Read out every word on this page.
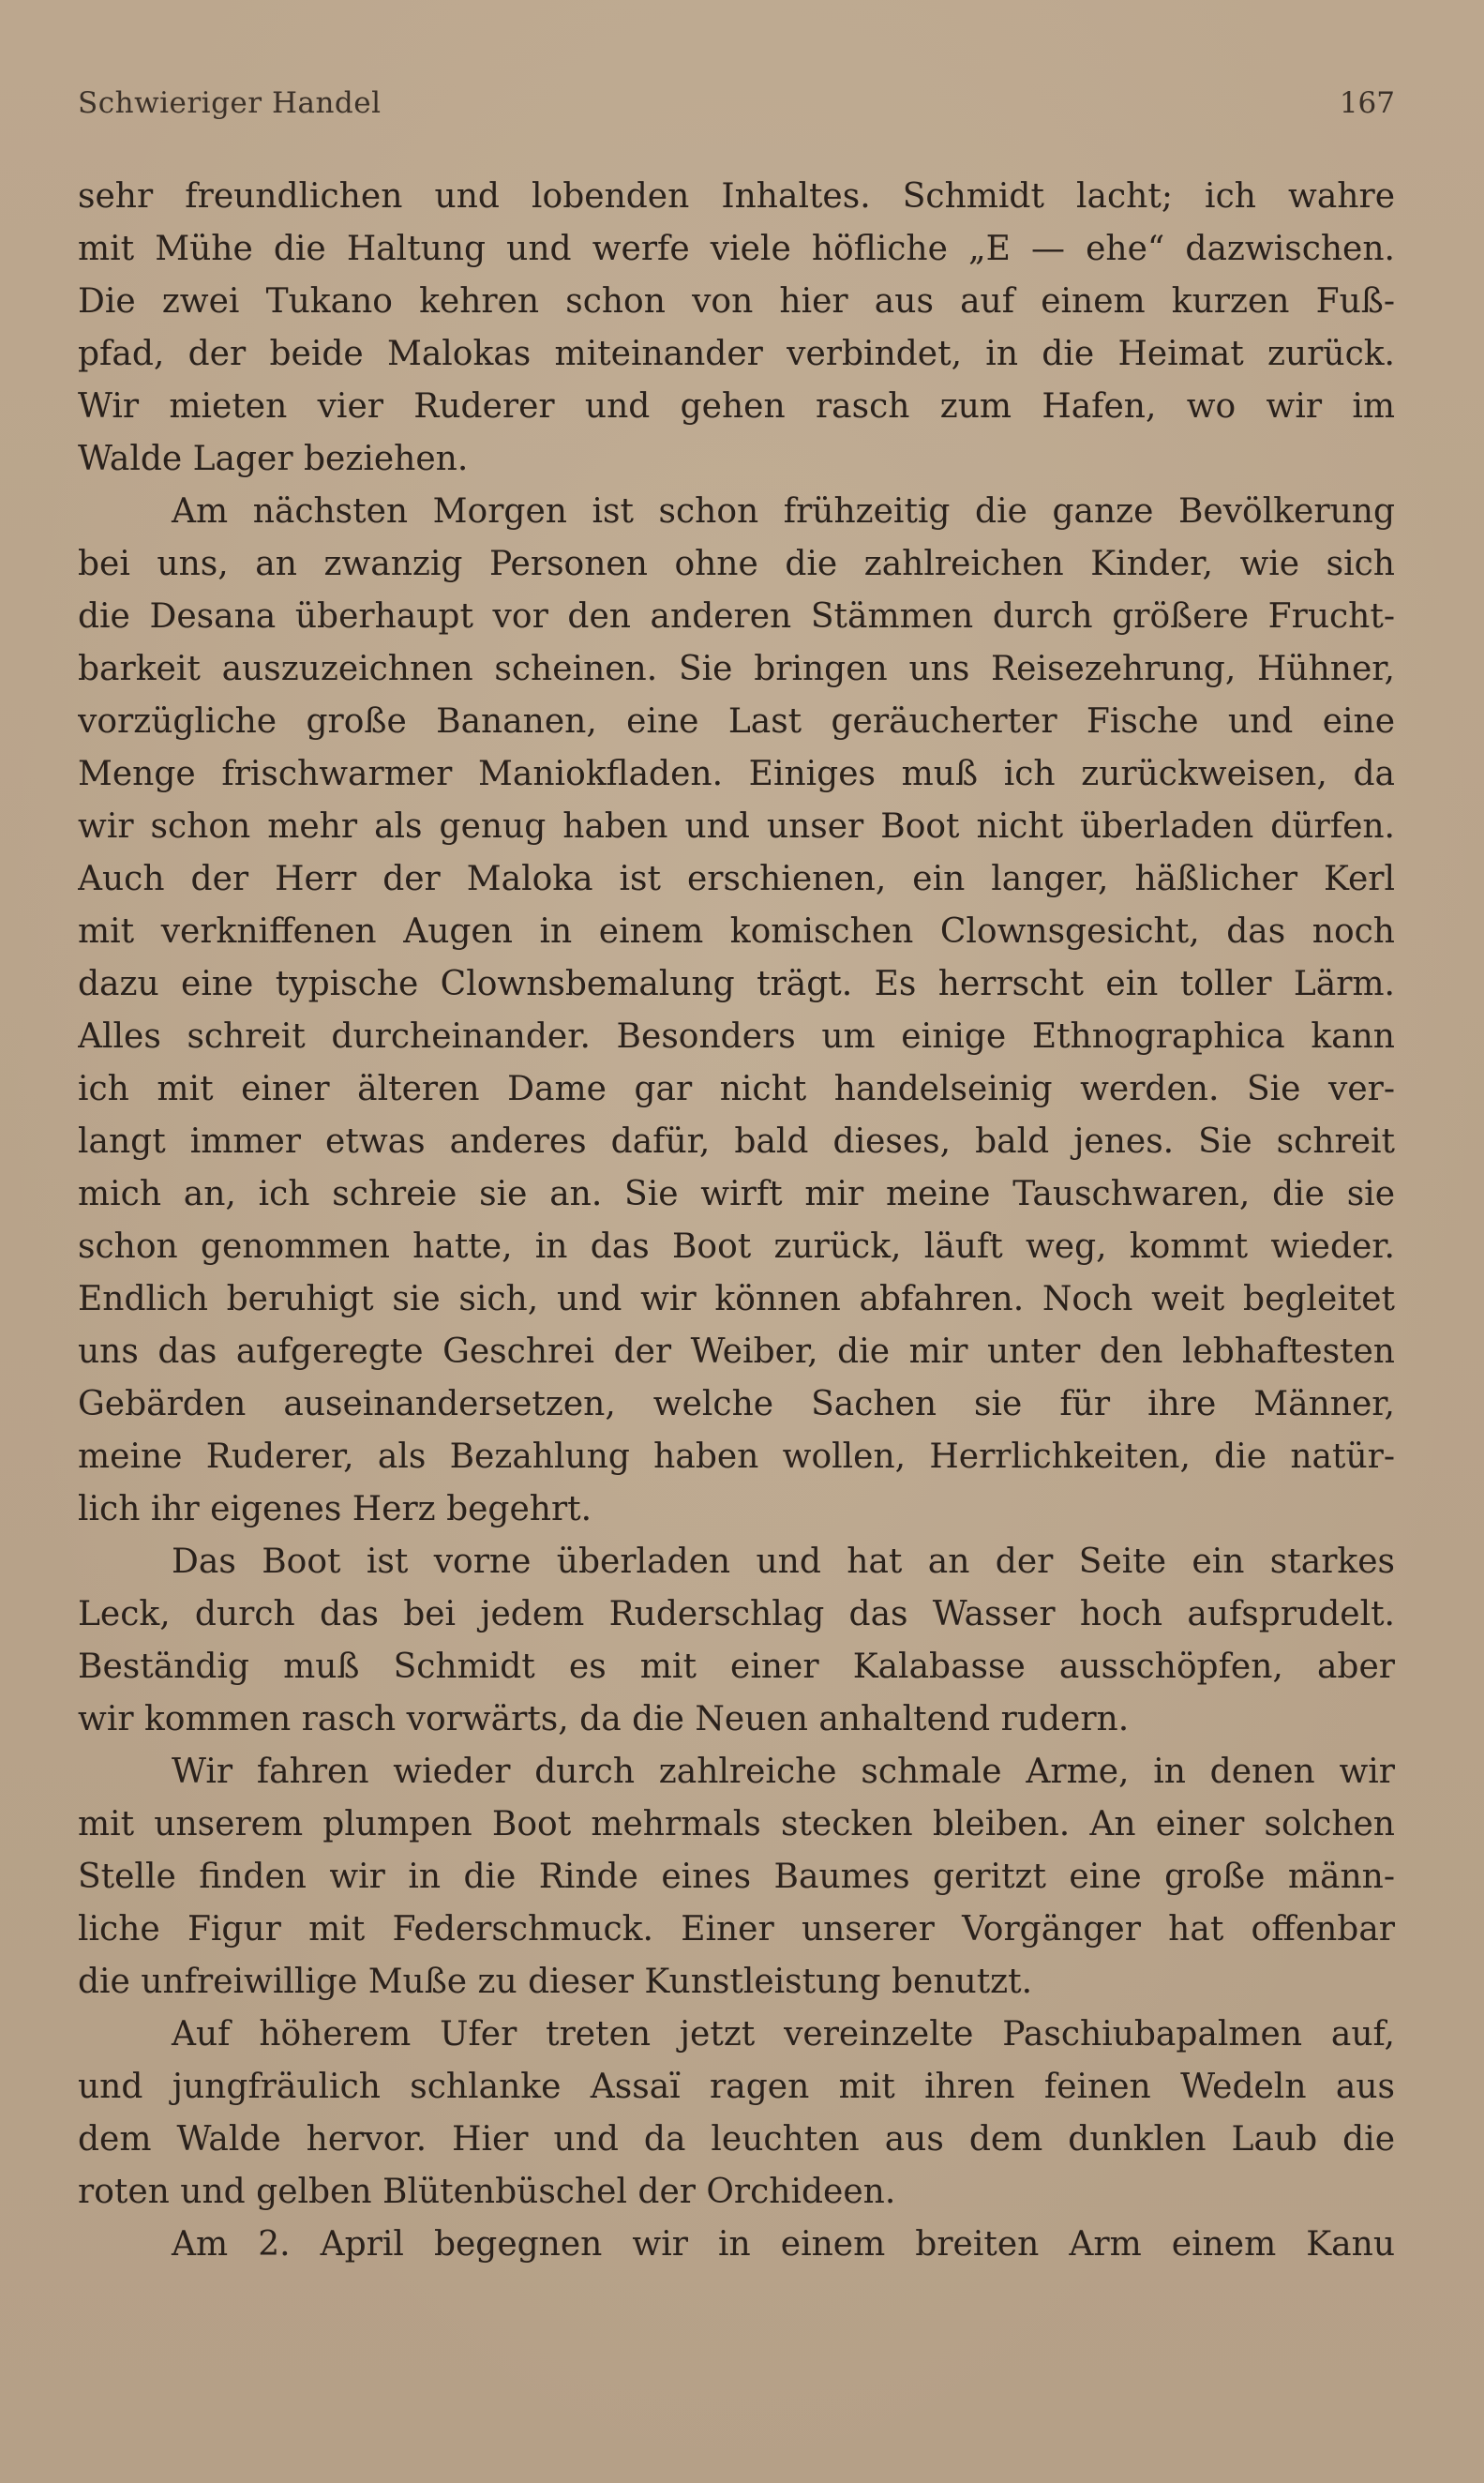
Schwieriger Handel	167
sehr freundlichen und lobenden Inhaltes. Schmidt lacht; ich wahre
mit Mühe die Haltung und werfe viele höfliche „E — ehe“ dazwischen.
Die zwei Tukano kehren schon von hier aus auf einem kurzen Fuß-
pfad, der beide Malokas miteinander verbindet, in die Heimat zurück.
Wir mieten vier Ruderer und gehen rasch zum Hafen, wo wir im
Walde Lager beziehen.
Am nächsten Morgen ist schon frühzeitig die ganze Bevölkerung
bei uns, an zwanzig Personen ohne die zahlreichen Kinder, wie sich
die Desana überhaupt vor den anderen Stämmen durch größere Frucht-
barkeit auszuzeichnen scheinen. Sie bringen uns Reisezehrung, Hühner,
vorzügliche große Bananen, eine Last geräucherter Fische und eine
Menge frischwarmer Maniokfladen. Einiges muß ich zurückweisen, da
wir schon mehr als genug haben und unser Boot nicht überladen dürfen.
Auch der Herr der Maloka ist erschienen, ein langer, häßlicher Kerl
mit verkniffenen Augen in einem komischen Clownsgesicht, das noch
dazu eine typische Clownsbemalung trägt. Es herrscht ein toller Lärm.
Alles schreit durcheinander. Besonders um einige Ethnographica kann
ich mit einer älteren Dame gar nicht handelseinig werden. Sie ver-
langt immer etwas anderes dafür, bald dieses, bald jenes. Sie schreit
mich an, ich schreie sie an. Sie wirft mir meine Tauschwaren, die sie
schon genommen hatte, in das Boot zurück, läuft weg, kommt wieder.
Endlich beruhigt sie sich, und wir können abfahren. Noch weit begleitet
uns das aufgeregte Geschrei der Weiber, die mir unter den lebhaftesten
Gebärden auseinandersetzen, welche Sachen sie für ihre Männer,
meine Ruderer, als Bezahlung haben wollen, Herrlichkeiten, die natür-
lich ihr eigenes Herz begehrt.
Das Boot ist vorne überladen und hat an der Seite ein starkes
Leck, durch das bei jedem Ruderschlag das Wasser hoch aufsprudelt.
Beständig muß Schmidt es mit einer Kalabasse ausschöpfen, aber
wir kommen rasch vorwärts, da die Neuen anhaltend rudern.
Wir fahren wieder durch zahlreiche schmale Arme, in denen wir
mit unserem plumpen Boot mehrmals stecken bleiben. An einer solchen
Stelle finden wir in die Rinde eines Baumes geritzt eine große männ-
liche Figur mit Federschmuck. Einer unserer Vorgänger hat offenbar
die unfreiwillige Muße zu dieser Kunstleistung benutzt.
Auf höherem Ufer treten jetzt vereinzelte Paschiubapalmen auf,
und jungfräulich schlanke Assaï ragen mit ihren feinen Wedeln aus
dem Walde hervor. Hier und da leuchten aus dem dunklen Laub die
roten und gelben Blütenbüschel der Orchideen.
Am 2. April begegnen wir in einem breiten Arm einem Kanu
